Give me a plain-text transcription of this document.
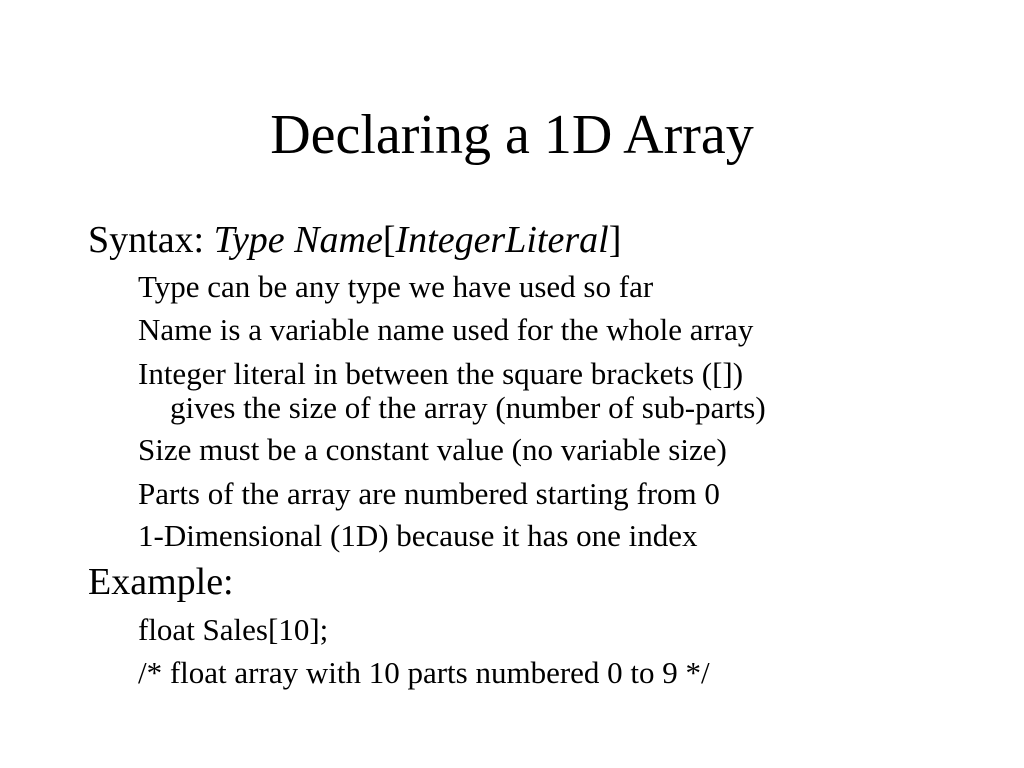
Declaring a 1D Array
Syntax: Type Name[IntegerLiteral]
Type can be any type we have used so far
Name is a variable name used for the whole array
Integer literal in between the square brackets ([])
gives the size of the array (number of sub-parts)
Size must be a constant value (no variable size)
Parts of the array are numbered starting from 0
1-Dimensional (1D) because it has one index
Example:
float Sales[10];
/* float array with 10 parts numbered 0 to 9 */
